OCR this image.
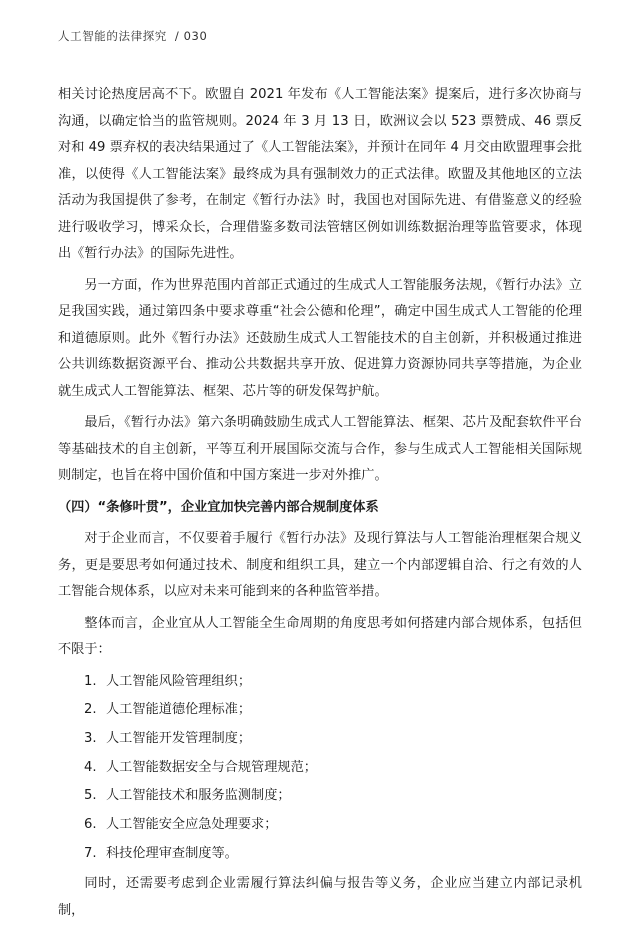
人工智能的法律探究 / 030

相关讨论热度居高不下。欧盟自 2021 年发布《人工智能法案》提案后，进行多次协商与沟通，以确定恰当的监管规则。2024 年 3 月 13 日，欧洲议会以 523 票赞成、46 票反对和 49 票弃权的表决结果通过了《人工智能法案》，并预计在同年 4 月交由欧盟理事会批准，以使得《人工智能法案》最终成为具有强制效力的正式法律。欧盟及其他地区的立法活动为我国提供了参考，在制定《暂行办法》时，我国也对国际先进、有借鉴意义的经验进行吸收学习，博采众长，合理借鉴多数司法管辖区例如训练数据治理等监管要求，体现出《暂行办法》的国际先进性。

另一方面，作为世界范围内首部正式通过的生成式人工智能服务法规，《暂行办法》立足我国实践，通过第四条中要求尊重“社会公德和伦理”，确定中国生成式人工智能的伦理和道德原则。此外《暂行办法》还鼓励生成式人工智能技术的自主创新，并积极通过推进公共训练数据资源平台、推动公共数据共享开放、促进算力资源协同共享等措施，为企业就生成式人工智能算法、框架、芯片等的研发保驾护航。

最后，《暂行办法》第六条明确鼓励生成式人工智能算法、框架、芯片及配套软件平台等基础技术的自主创新，平等互利开展国际交流与合作，参与生成式人工智能相关国际规则制定，也旨在将中国价值和中国方案进一步对外推广。

（四）“条修叶贯”，企业宜加快完善内部合规制度体系

对于企业而言，不仅要着手履行《暂行办法》及现行算法与人工智能治理框架合规义务，更是要思考如何通过技术、制度和组织工具，建立一个内部逻辑自洽、行之有效的人工智能合规体系，以应对未来可能到来的各种监管举措。

整体而言，企业宜从人工智能全生命周期的角度思考如何搭建内部合规体系，包括但不限于：

1. 人工智能风险管理组织；
2. 人工智能道德伦理标准；
3. 人工智能开发管理制度；
4. 人工智能数据安全与合规管理规范；
5. 人工智能技术和服务监测制度；
6. 人工智能安全应急处理要求；
7. 科技伦理审查制度等。

同时，还需要考虑到企业需履行算法纠偏与报告等义务，企业应当建立内部记录机制，
